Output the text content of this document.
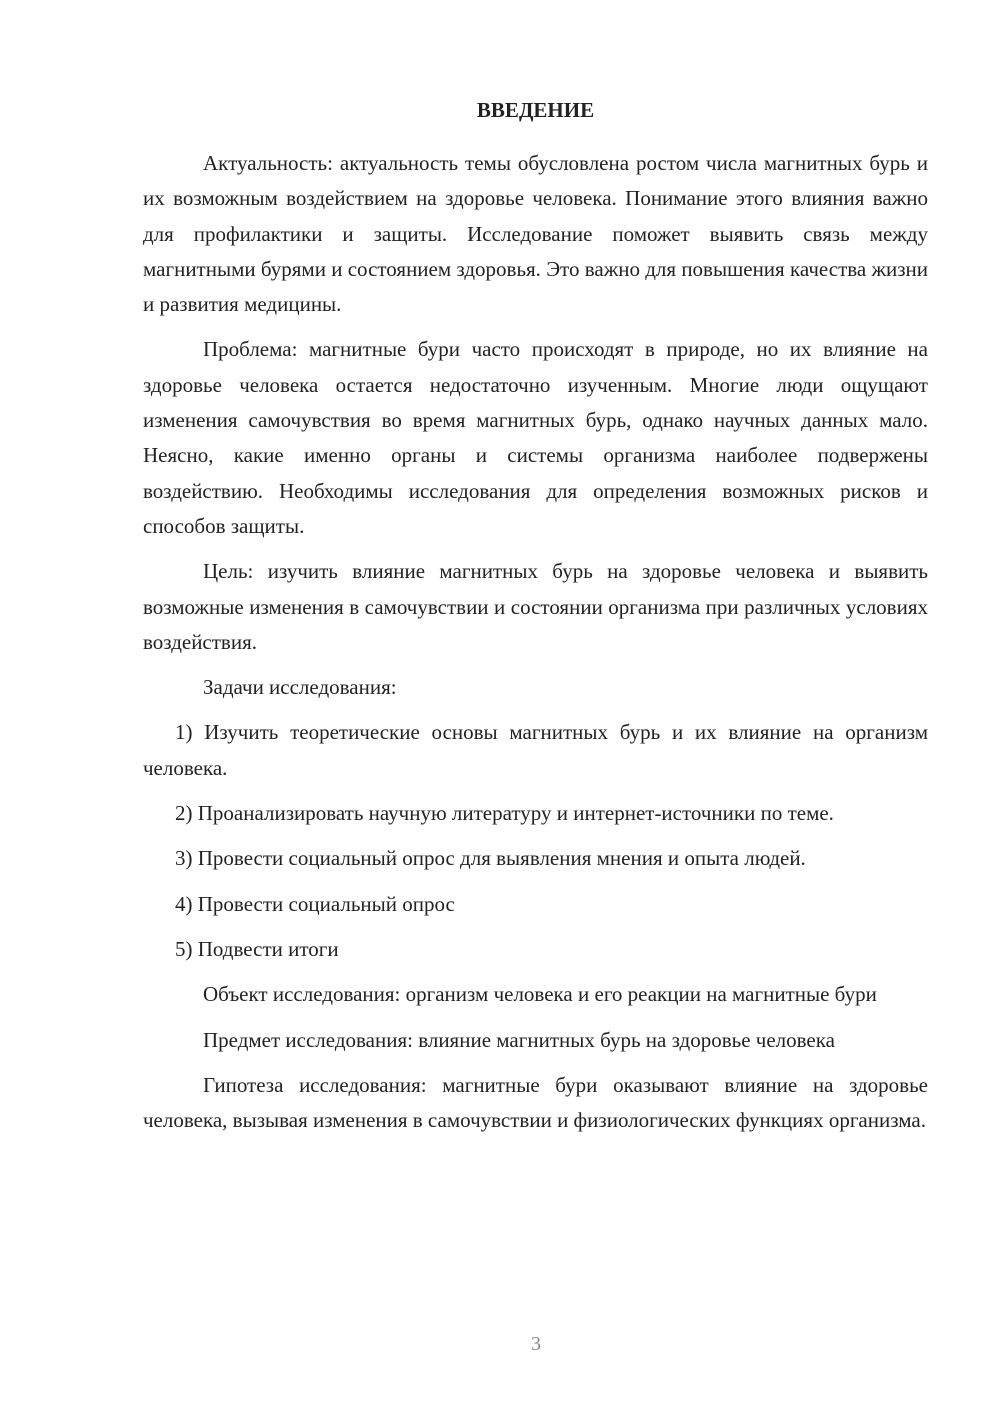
ВВЕДЕНИЕ

Актуальность: актуальность темы обусловлена ростом числа магнитных бурь и их возможным воздействием на здоровье человека. Понимание этого влияния важно для профилактики и защиты. Исследование поможет выявить связь между магнитными бурями и состоянием здоровья. Это важно для повышения качества жизни и развития медицины.

Проблема: магнитные бури часто происходят в природе, но их влияние на здоровье человека остается недостаточно изученным. Многие люди ощущают изменения самочувствия во время магнитных бурь, однако научных данных мало. Неясно, какие именно органы и системы организма наиболее подвержены воздействию. Необходимы исследования для определения возможных рисков и способов защиты.

Цель: изучить влияние магнитных бурь на здоровье человека и выявить возможные изменения в самочувствии и состоянии организма при различных условиях воздействия.

Задачи исследования:

1) Изучить теоретические основы магнитных бурь и их влияние на организм человека.

2) Проанализировать научную литературу и интернет-источники по теме.

3) Провести социальный опрос для выявления мнения и опыта людей.

4) Провести социальный опрос

5) Подвести итоги

Объект исследования: организм человека и его реакции на магнитные бури

Предмет исследования: влияние магнитных бурь на здоровье человека

Гипотеза исследования: магнитные бури оказывают влияние на здоровье человека, вызывая изменения в самочувствии и физиологических функциях организма.

3
